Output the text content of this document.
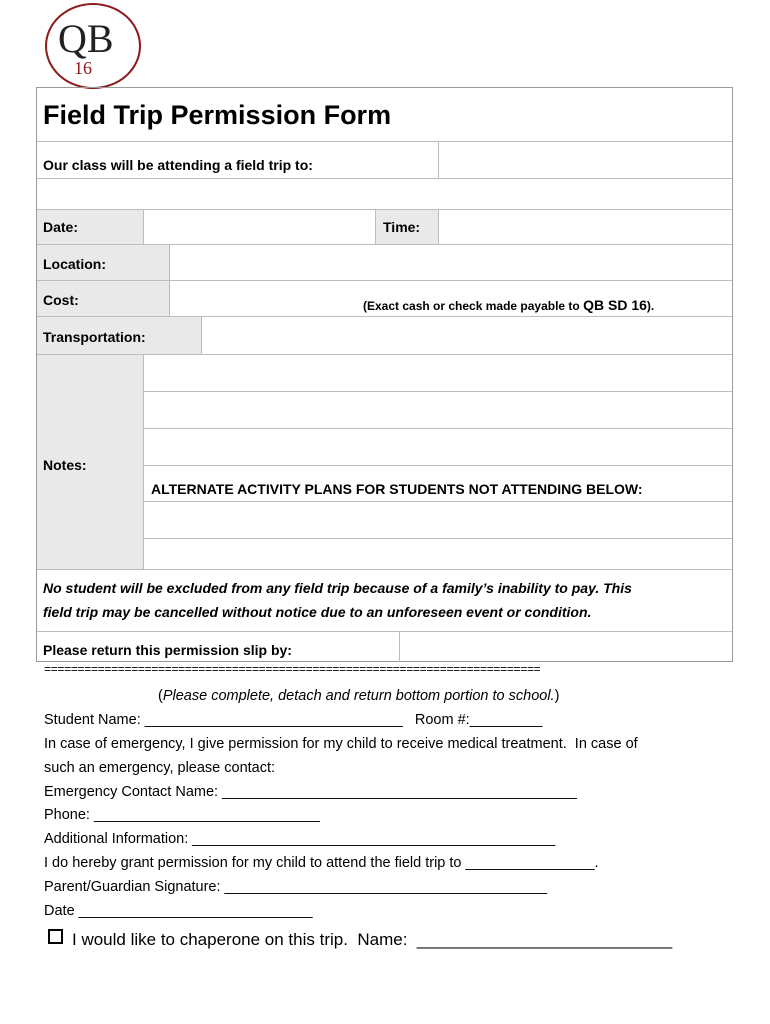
QB
16
Field Trip Permission Form
Our class will be attending a field trip to:
Date:	Time:
Location:
Cost:	(Exact cash or check made payable to QB SD 16).
Transportation:
Notes:
ALTERNATE ACTIVITY PLANS FOR STUDENTS NOT ATTENDING BELOW:
No student will be excluded from any field trip because of a family’s inability to pay. This
field trip may be cancelled without notice due to an unforeseen event or condition.
Please return this permission slip by:
==========================================================================
(Please complete, detach and return bottom portion to school.)
Student Name: ________________________________   Room #:_________
In case of emergency, I give permission for my child to receive medical treatment.  In case of
such an emergency, please contact:
Emergency Contact Name: ____________________________________________
Phone: ____________________________
Additional Information: _____________________________________________
I do hereby grant permission for my child to attend the field trip to ________________.
Parent/Guardian Signature: ________________________________________
Date _____________________________
I would like to chaperone on this trip.  Name:  ___________________________
